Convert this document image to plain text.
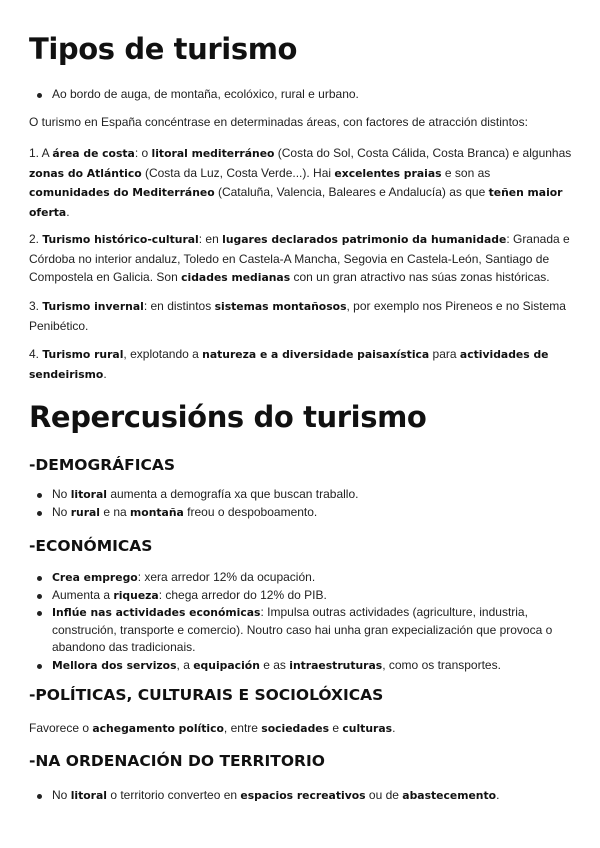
Tipos de turismo
Ao bordo de auga, de montaña, ecolóxico, rural e urbano.

O turismo en España concéntrase en determinadas áreas, con factores de atracción distintos:

1. A área de costa: o litoral mediterráneo (Costa do Sol, Costa Cálida, Costa Branca) e algunhas zonas do Atlántico (Costa da Luz, Costa Verde...). Hai excelentes praias e son as comunidades do Mediterráneo (Cataluña, Valencia, Baleares e Andalucía) as que teñen maior oferta.

2. Turismo histórico-cultural: en lugares declarados patrimonio da humanidade: Granada e Córdoba no interior andaluz, Toledo en Castela-A Mancha, Segovia en Castela-León, Santiago de Compostela en Galicia. Son cidades medianas con un gran atractivo nas súas zonas históricas.

3. Turismo invernal: en distintos sistemas montañosos, por exemplo nos Pireneos e no Sistema Penibético.

4. Turismo rural, explotando a natureza e a diversidade paisaxística para actividades de sendeirismo.

Repercusións do turismo
-DEMOGRÁFICAS
No litoral aumenta a demografía xa que buscan traballo.
No rural e na montaña freou o despoboamento.
-ECONÓMICAS
Crea emprego: xera arredor 12% da ocupación.
Aumenta a riqueza: chega arredor do 12% do PIB.
Inflúe nas actividades económicas: Impulsa outras actividades (agriculture, industria, construción, transporte e comercio). Noutro caso hai unha gran expecialización que provoca o abandono das tradicionais.
Mellora dos servizos, a equipación e as intraestruturas, como os transportes.
-POLÍTICAS, CULTURAIS E SOCIOLÓXICAS

Favorece o achegamento político, entre sociedades e culturas.

-NA ORDENACIÓN DO TERRITORIO
No litoral o territorio converteo en espacios recreativos ou de abastecemento.
